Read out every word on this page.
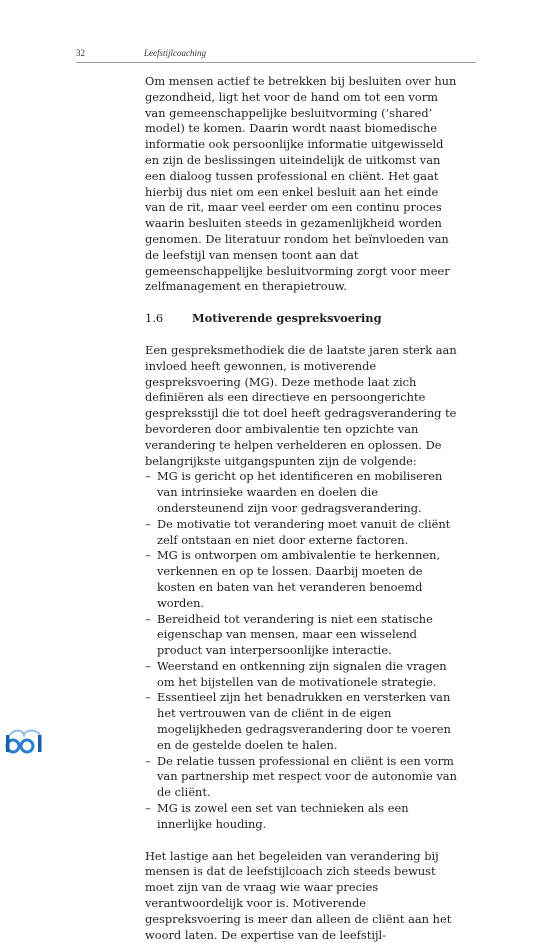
32	Leefstijlcoaching

Om mensen actief te betrekken bij besluiten over hun gezondheid, ligt het voor de hand om tot een vorm van gemeenschappelijke besluitvorming (‘shared’ model) te komen. Daarin wordt naast biomedische informatie ook persoonlijke informatie uitgewisseld en zijn de beslissingen uiteindelijk de uitkomst van een dialoog tussen professional en cliënt. Het gaat hierbij dus niet om een enkel besluit aan het einde van de rit, maar veel eerder om een continu proces waarin besluiten steeds in gezamenlijkheid worden genomen. De literatuur rondom het beïnvloeden van de leefstijl van mensen toont aan dat gemeenschappelijke besluitvorming zorgt voor meer zelfmanagement en therapietrouw.

1.6	Motiverende gespreksvoering

Een gespreksmethodiek die de laatste jaren sterk aan invloed heeft gewonnen, is motiverende gespreksvoering (MG). Deze methode laat zich definiëren als een directieve en persoongerichte gespreksstijl die tot doel heeft gedragsverandering te bevorderen door ambivalentie ten opzichte van verandering te helpen verhelderen en oplossen. De belangrijkste uitgangspunten zijn de volgende:

– MG is gericht op het identificeren en mobiliseren van intrinsieke waarden en doelen die ondersteunend zijn voor gedragsverandering.
– De motivatie tot verandering moet vanuit de cliënt zelf ontstaan en niet door externe factoren.
– MG is ontworpen om ambivalentie te herkennen, verkennen en op te lossen. Daarbij moeten de kosten en baten van het veranderen benoemd worden.
– Bereidheid tot verandering is niet een statische eigenschap van mensen, maar een wisselend product van interpersoonlijke interactie.
– Weerstand en ontkenning zijn signalen die vragen om het bijstellen van de motivationele strategie.
– Essentieel zijn het benadrukken en versterken van het vertrouwen van de cliënt in de eigen mogelijkheden gedragsverandering door te voeren en de gestelde doelen te halen.
– De relatie tussen professional en cliënt is een vorm van partnership met respect voor de autonomie van de cliënt.
– MG is zowel een set van technieken als een innerlijke houding.

Het lastige aan het begeleiden van verandering bij mensen is dat de leefstijlcoach zich steeds bewust moet zijn van de vraag wie waar precies verantwoordelijk voor is. Motiverende gespreksvoering is meer dan alleen de cliënt aan het woord laten. De expertise van de leefstijl-
